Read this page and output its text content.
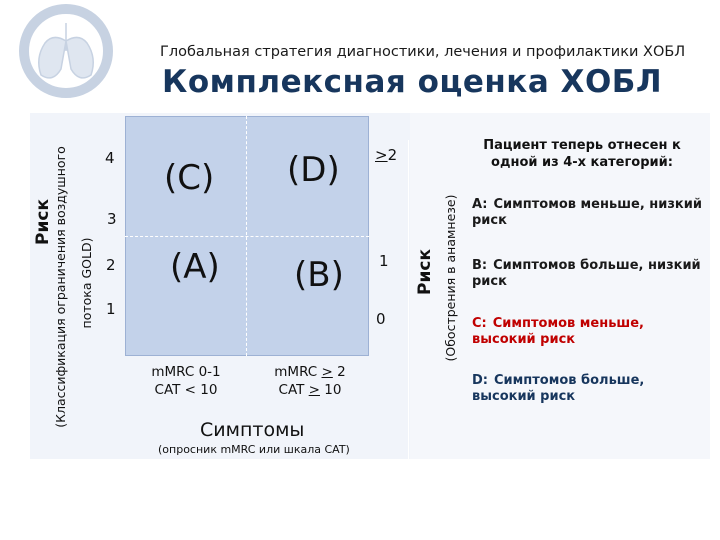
Глобальная стратегия диагностики, лечения и профилактики ХОБЛ
Комплексная оценка ХОБЛ
Риск (Классификация ограничения воздушного потока GOLD)
4
3
2
1
(C) (D)
(A) (B)
>2
1
0
Риск (Обострения в анамнезе)
mMRC 0-1
CAT < 10
mMRC > 2
CAT > 10
Симптомы
(опросник mMRC или шкала CAT)
Пациент теперь отнесен к одной из 4-х категорий:
A: Симптомов меньше, низкий риск
B: Симптомов больше, низкий риск
C: Симптомов меньше, высокий риск
D: Симптомов больше, высокий риск
